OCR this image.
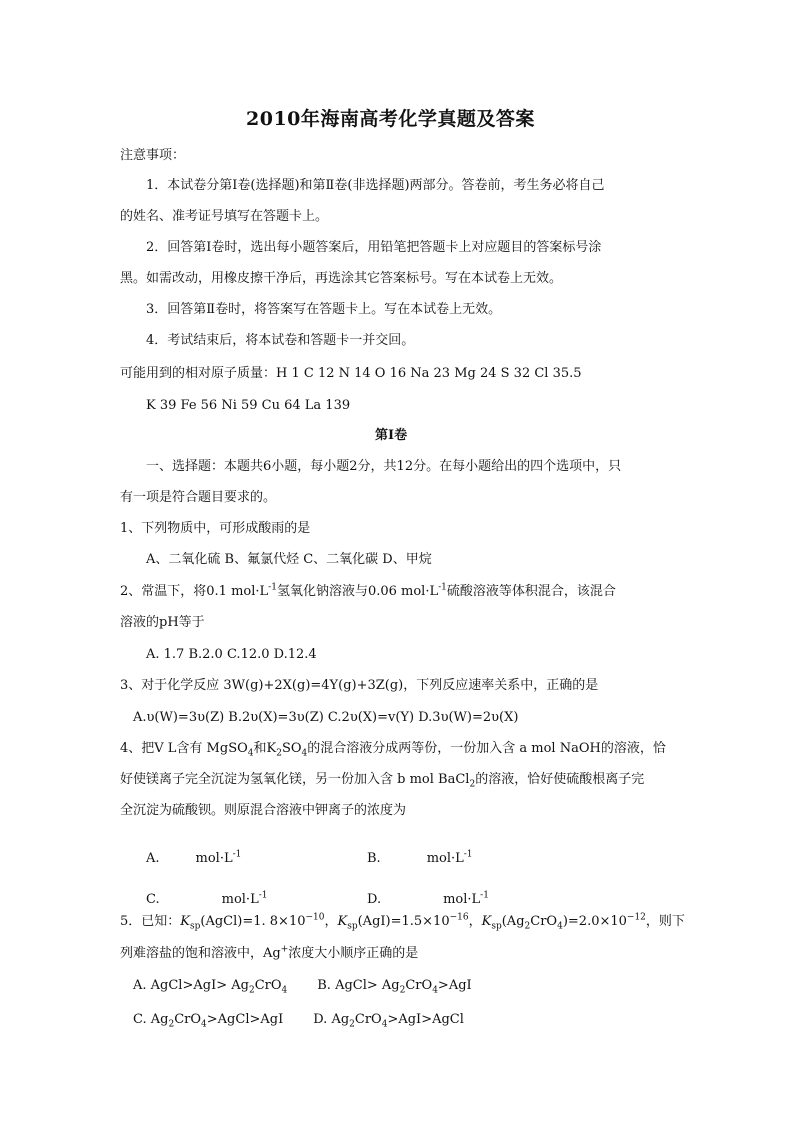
2010年海南高考化学真题及答案
注意事项：
1．本试卷分第Ⅰ卷(选择题)和第Ⅱ卷(非选择题)两部分。答卷前，考生务必将自己
的姓名、准考证号填写在答题卡上。
2．回答第Ⅰ卷时，选出每小题答案后，用铅笔把答题卡上对应题目的答案标号涂
黑。如需改动，用橡皮擦干净后，再选涂其它答案标号。写在本试卷上无效。
3．回答第Ⅱ卷时，将答案写在答题卡上。写在本试卷上无效。
4．考试结束后，将本试卷和答题卡一并交回。
可能用到的相对原子质量：H 1 C 12 N 14 O 16 Na 23 Mg 24 S 32 Cl 35.5
K 39 Fe 56 Ni 59 Cu 64 La 139
第Ⅰ卷
一、选择题：本题共6小题，每小题2分，共12分。在每小题给出的四个选项中，只
有一项是符合题目要求的。
1、下列物质中，可形成酸雨的是
A、二氧化硫 B、氟氯代烃 C、二氧化碳 D、甲烷
2、常温下，将0.1 $mol\cdot L^{-1}$氢氧化钠溶液与0.06 $mol\cdot L^{-1}$硫酸溶液等体积混合，该混合
溶液的pH等于
A. 1.7 B.2.0 C.12.0 D.12.4
3、对于化学反应 3W(g)+2X(g)=4Y(g)+3Z(g)，下列反应速率关系中，正确的是
A.υ(W)=3υ(Z) B.2υ(X)=3υ(Z) C.2υ(X)=v(Y) D.3υ(W)=2υ(X)
4、把V L含有 MgSO$_4$和$K_2SO_4$的混合溶液分成两等份，一份加入含 a mol NaOH的溶液，恰
好使镁离子完全沉淀为氢氧化镁，另一份加入含 b mol BaCl$_2$的溶液，恰好使硫酸根离子完
全沉淀为硫酸钡。则原混合溶液中钾离子的浓度为
A.	$mol\cdot L^{-1}$	B.	$mol\cdot L^{-1}$
C.	$mol\cdot L^{-1}$	D.	$mol\cdot L^{-1}$
5．已知：$K_{sp}(AgCl)=1$. $8\times 10^{-10}$，$K_{sp}(AgI)=1.5\times 10^{-16}$，$K_{sp}(Ag_2CrO_4)=2.0\times 10^{-12}$，则下
列难溶盐的饱和溶液中，Ag+浓度大小顺序正确的是
A. AgCl>AgI> $Ag_2CrO_4$ B. AgCl> $Ag_2CrO_4>AgI$
C. $Ag_2CrO_4>AgCl>AgI$ D. $Ag_2CrO_4>AgI>AgCl$
